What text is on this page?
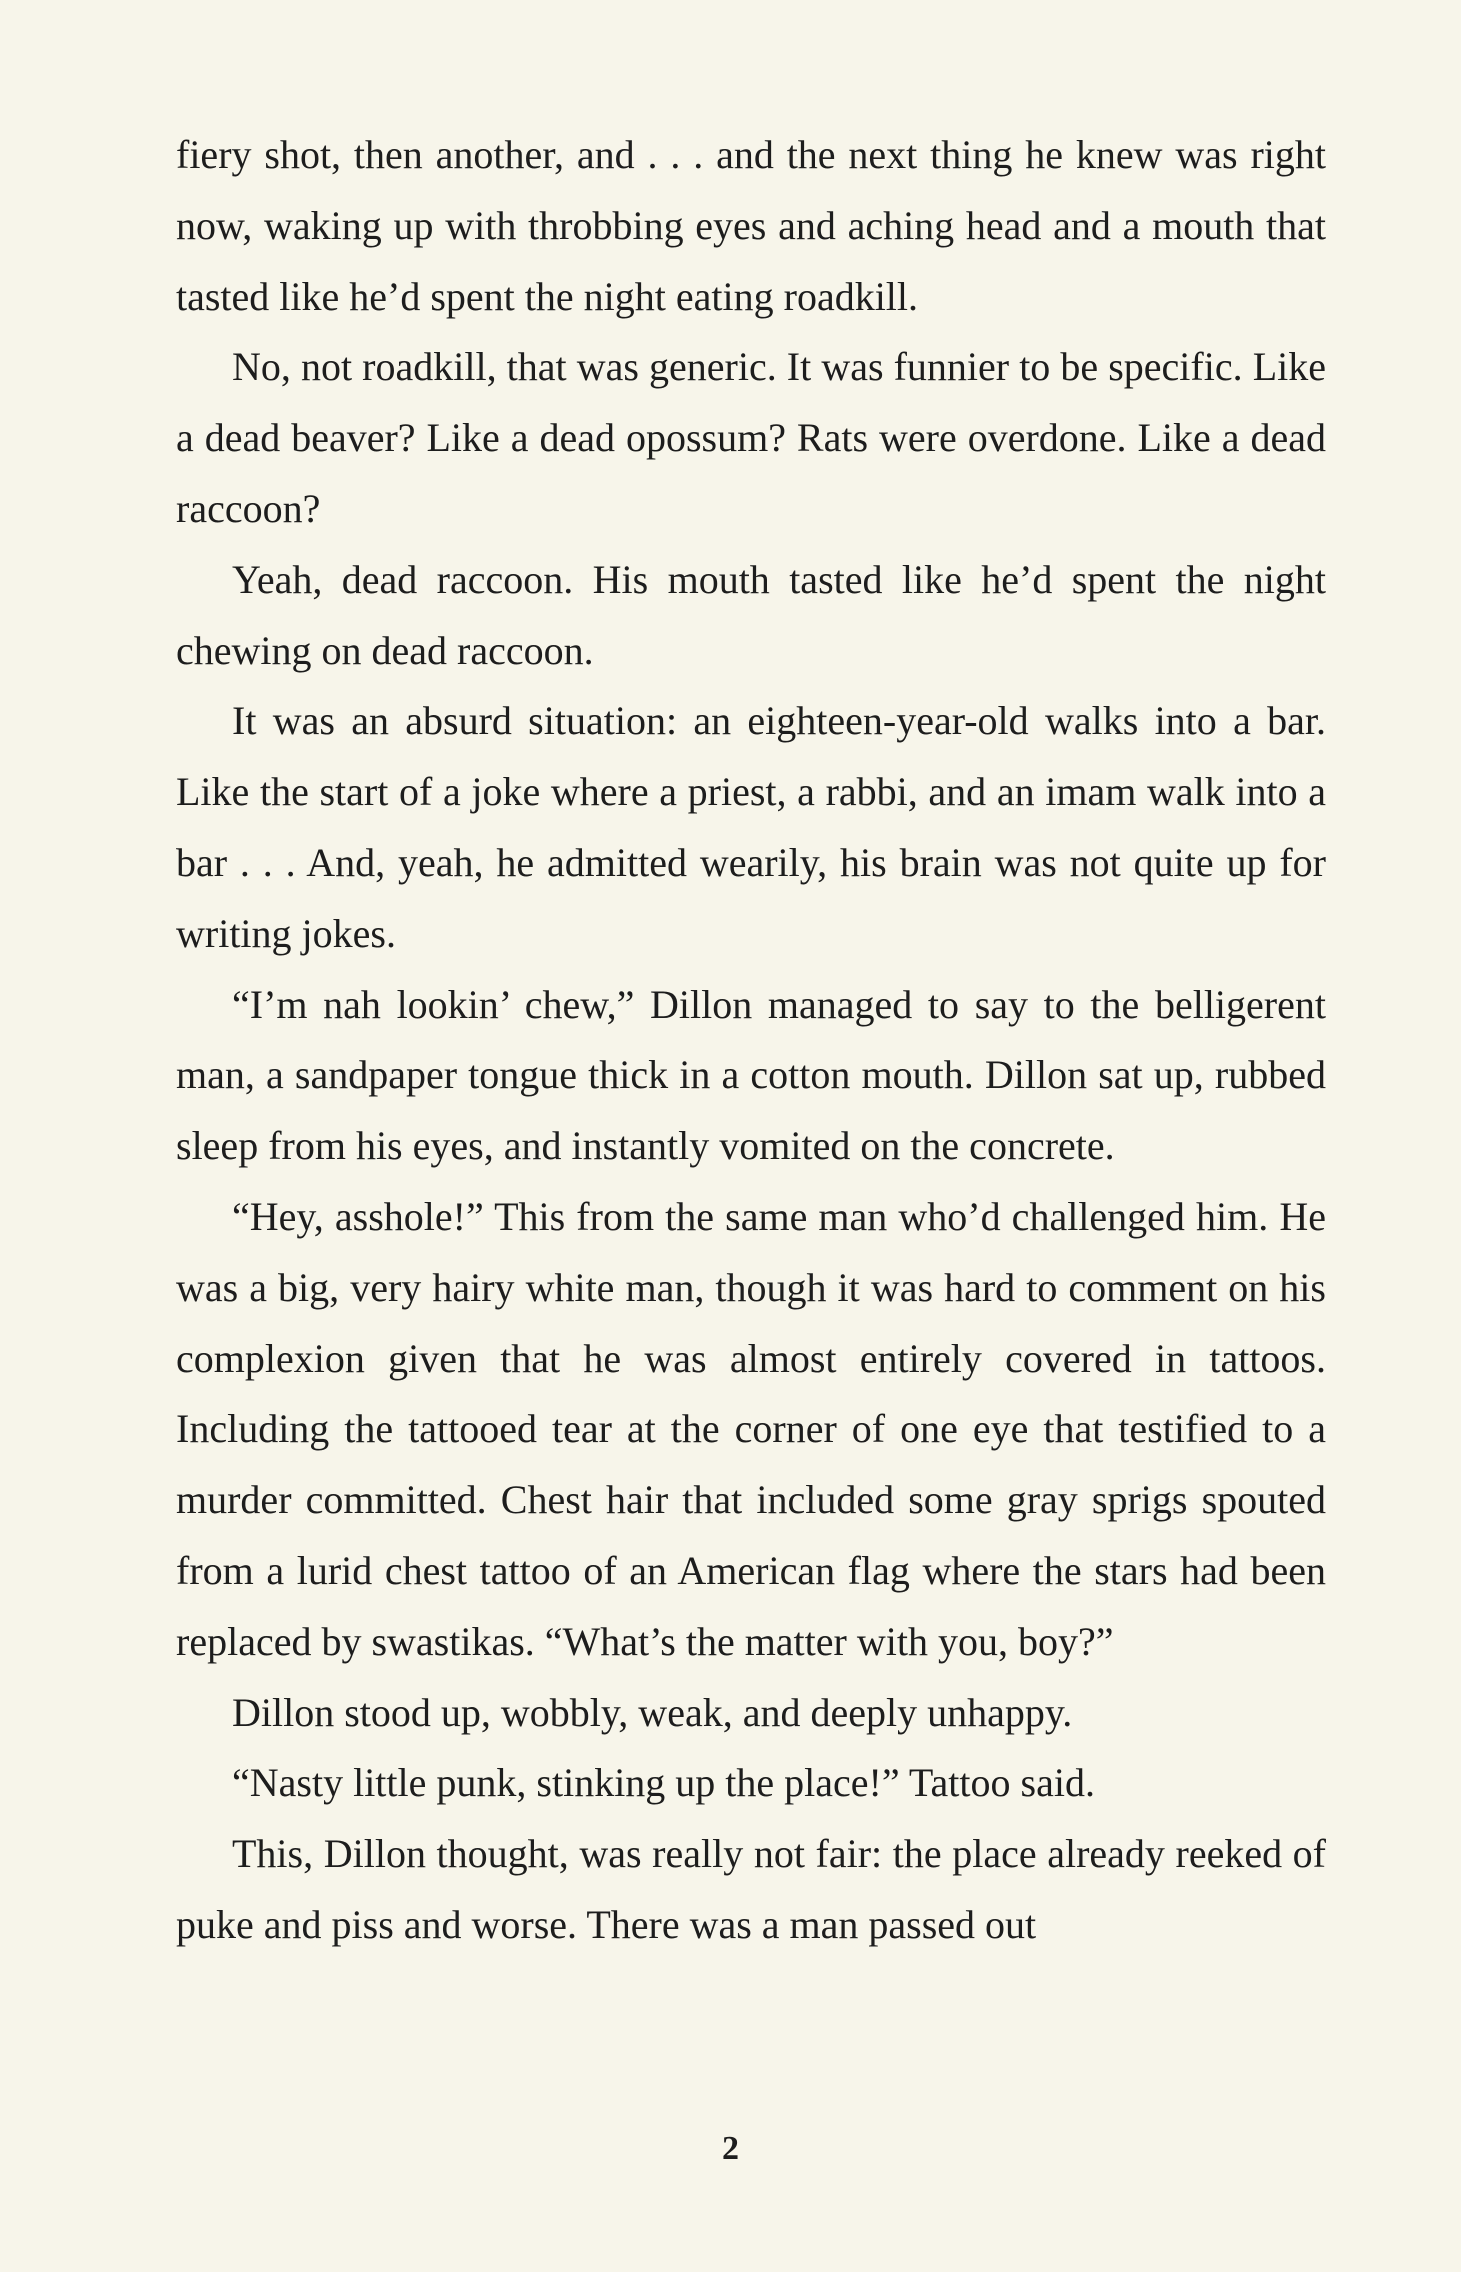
fiery shot, then another, and . . . and the next thing he knew was right now, waking up with throbbing eyes and aching head and a mouth that tasted like he’d spent the night eating roadkill.

No, not roadkill, that was generic. It was funnier to be specific. Like a dead beaver? Like a dead opossum? Rats were overdone. Like a dead raccoon?

Yeah, dead raccoon. His mouth tasted like he’d spent the night chewing on dead raccoon.

It was an absurd situation: an eighteen-year-old walks into a bar. Like the start of a joke where a priest, a rabbi, and an imam walk into a bar . . . And, yeah, he admitted wearily, his brain was not quite up for writing jokes.

“I’m nah lookin’ chew,” Dillon managed to say to the belligerent man, a sandpaper tongue thick in a cotton mouth. Dillon sat up, rubbed sleep from his eyes, and instantly vomited on the concrete.

“Hey, asshole!” This from the same man who’d challenged him. He was a big, very hairy white man, though it was hard to comment on his complexion given that he was almost entirely covered in tattoos. Including the tattooed tear at the corner of one eye that testified to a murder committed. Chest hair that included some gray sprigs spouted from a lurid chest tattoo of an American flag where the stars had been replaced by swastikas. “What’s the matter with you, boy?”

Dillon stood up, wobbly, weak, and deeply unhappy.

“Nasty little punk, stinking up the place!” Tattoo said.

This, Dillon thought, was really not fair: the place already reeked of puke and piss and worse. There was a man passed out

2
